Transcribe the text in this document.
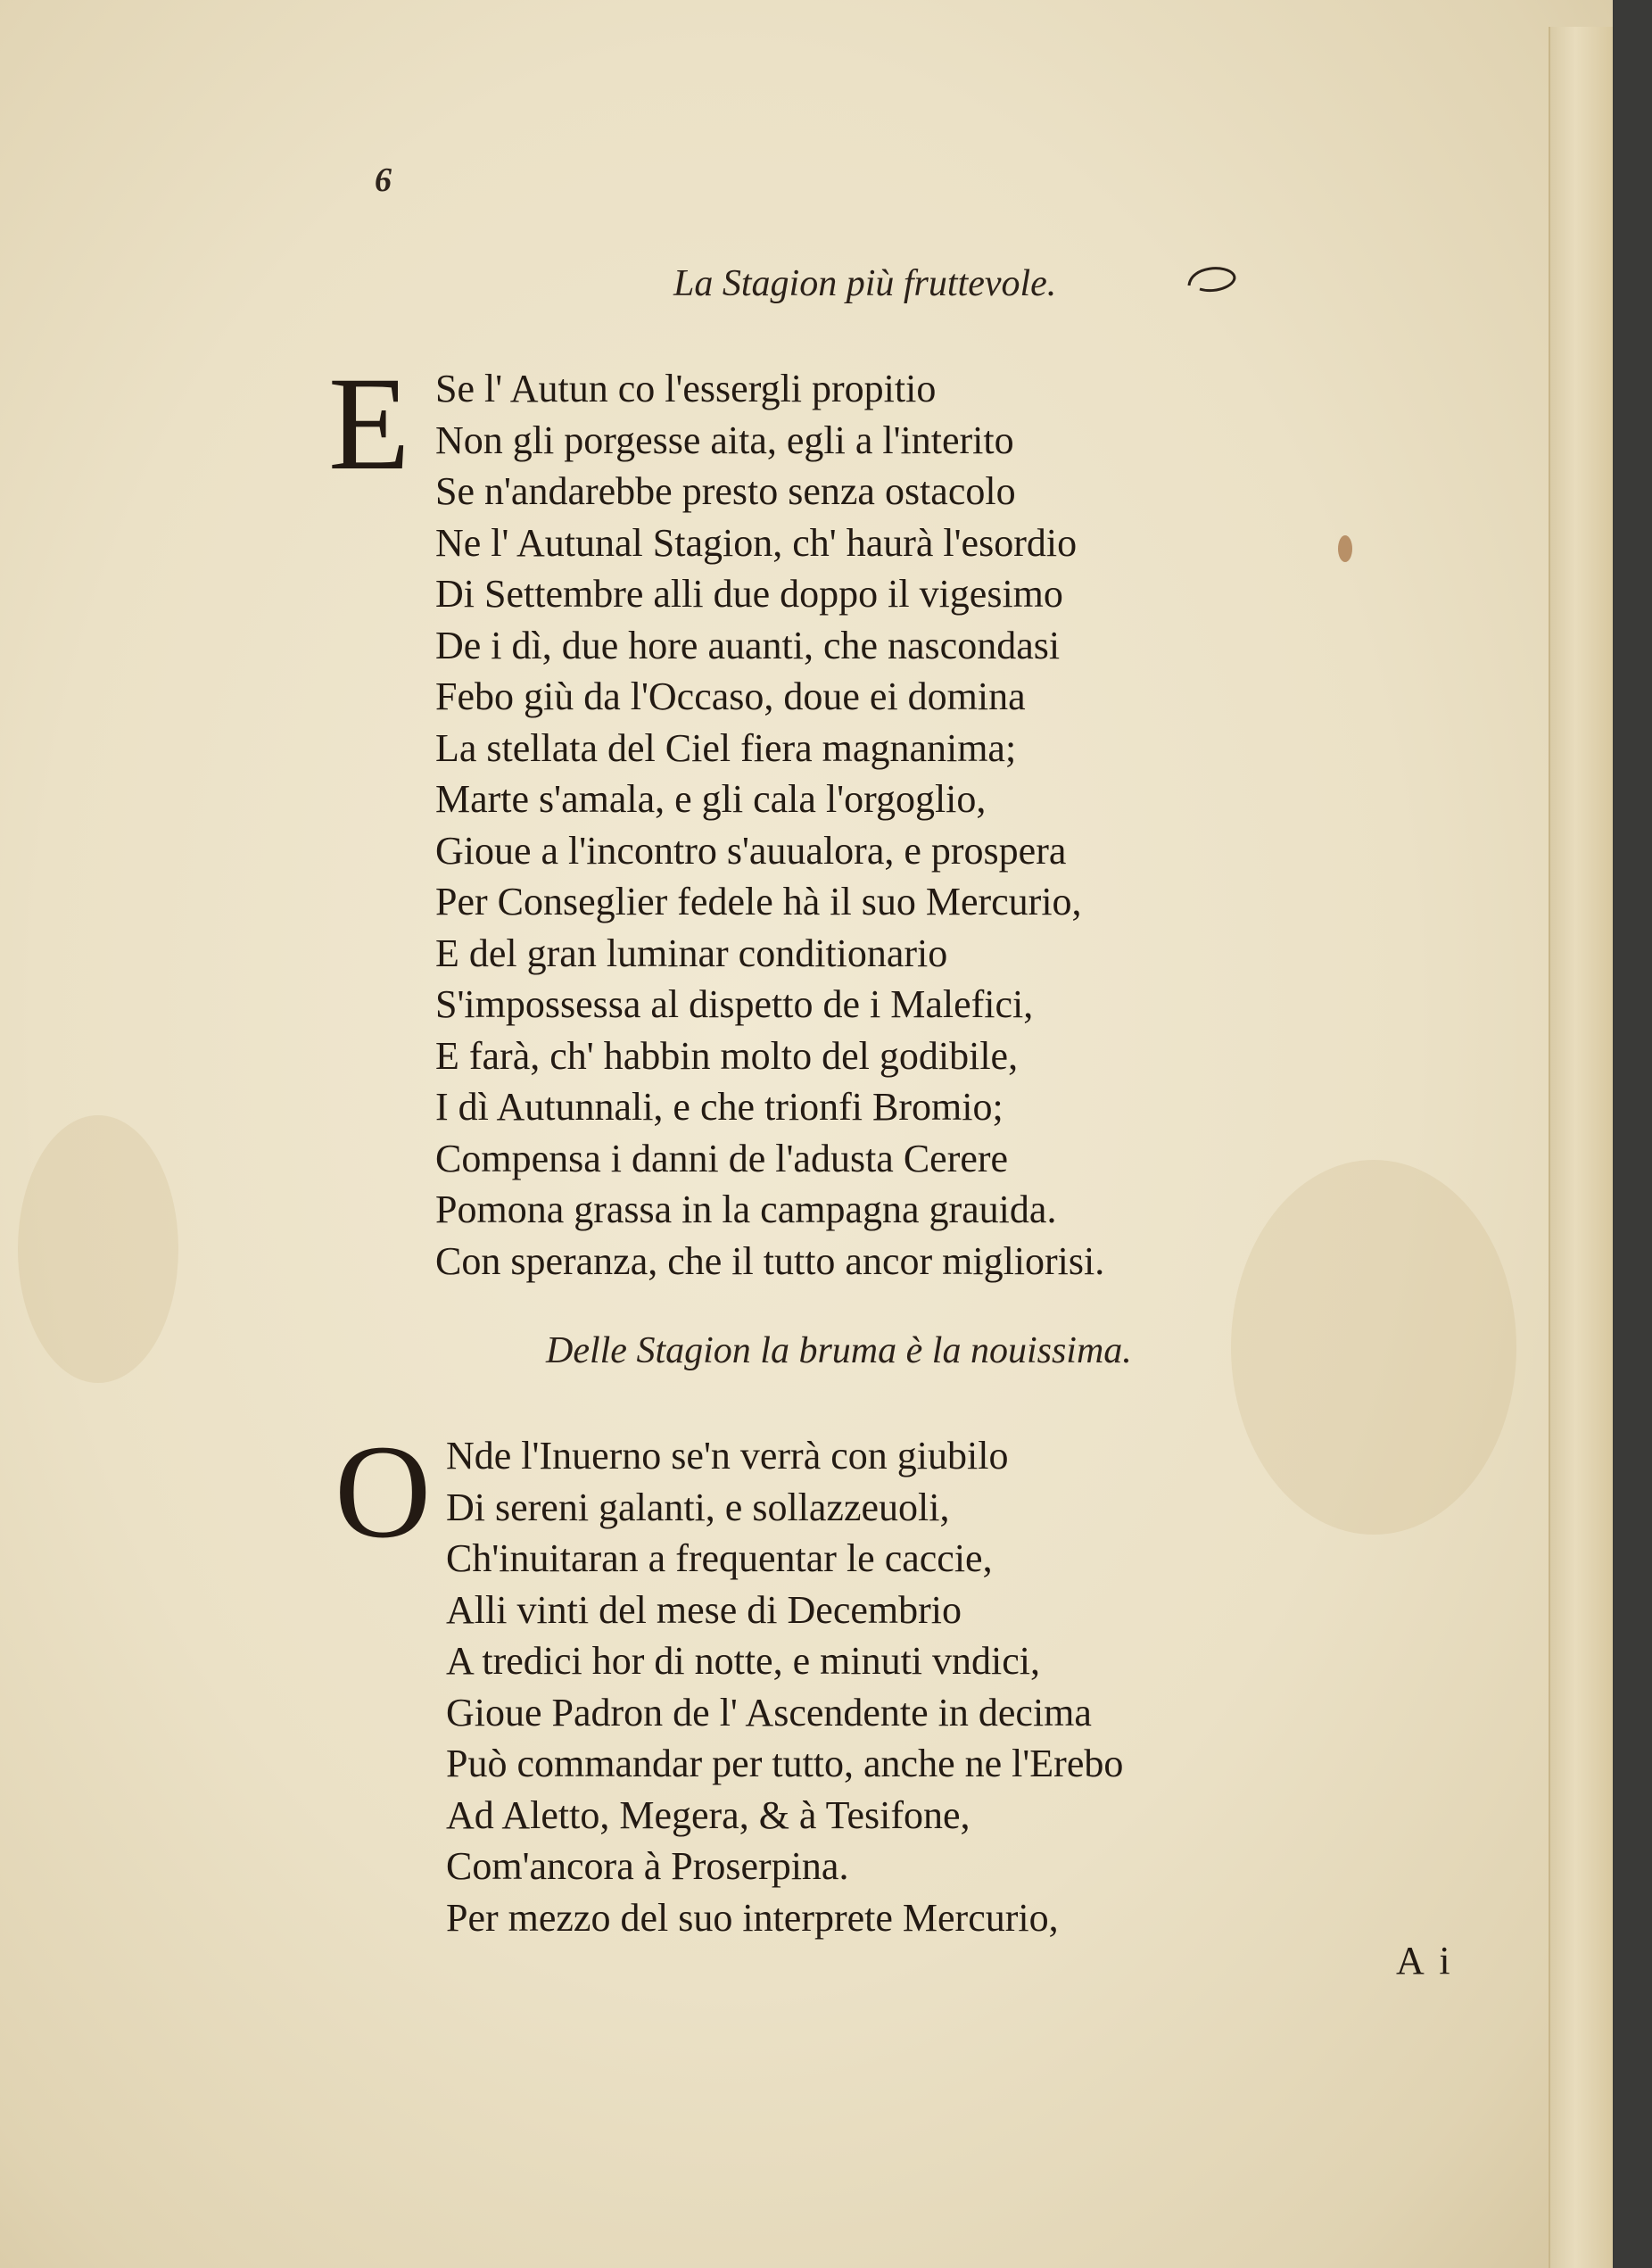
6
La Stagion più fruttevole.
E Se l' Autun co l'essergli propitio
Non gli porgesse aita, egli a l'interito
Se n'andarebbe presto senza ostacolo
Ne l' Autunal Stagion, ch' haurà l'esordio
Di Settembre alli due doppo il vigesimo
De i dì, due hore auanti, che nascondasi
Febo giù da l'Occaso, doue ei domina
La stellata del Ciel fiera magnanima;
Marte s'amala, e gli cala l'orgoglio,
Gioue a l'incontro s'auualora, e prospera
Per Conseglier fedele hà il suo Mercurio,
E del gran luminar conditionario
S'impossessa al dispetto de i Malefici,
E farà, ch' habbin molto del godibile,
I dì Autunnali, e che trionfi Bromio;
Compensa i danni de l'adusta Cerere
Pomona grassa in la campagna grauida.
Con speranza, che il tutto ancor migliorisi.
Delle Stagion la bruma è la nouissima.
O Nde l'Inuerno se'n verrà con giubilo
Di sereni galanti, e sollazzeuoli,
Ch'inuitaran a frequentar le caccie,
Alli vinti del mese di Decembrio
A tredici hor di notte, e minuti vndici,
Gioue Padron de l' Ascendente in decima
Può commandar per tutto, anche ne l'Erebo
Ad Aletto, Megera, & à Tesifone,
Com'ancora à Proserpina.
Per mezzo del suo interprete Mercurio,
A i
